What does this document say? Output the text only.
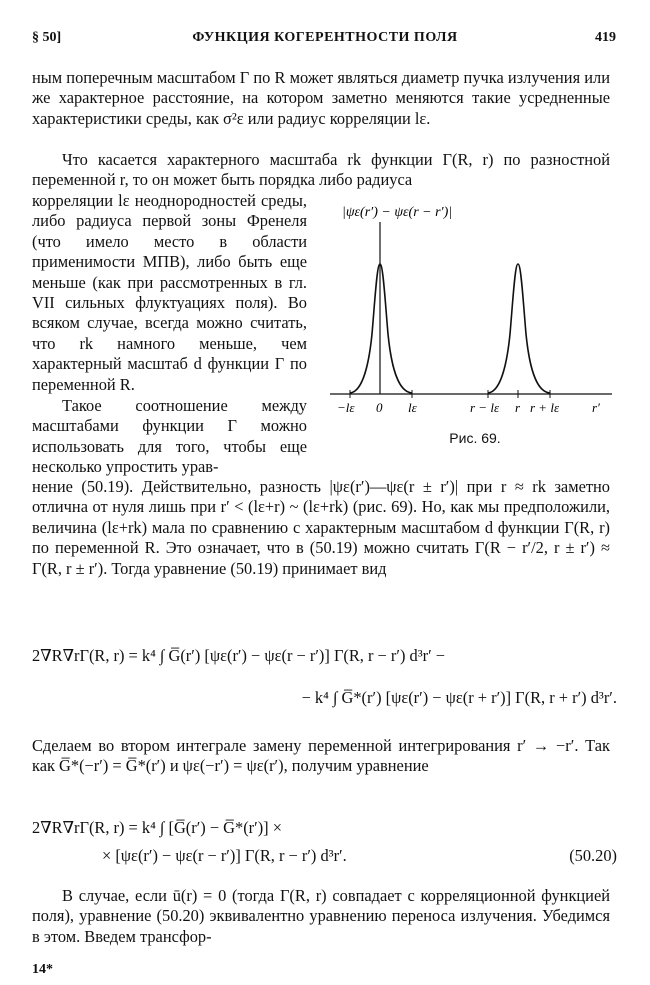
ФУНКЦИЯ КОГЕРЕНТНОСТИ ПОЛЯ
§ 50]	419

ным поперечным масштабом Γ по R может являться диаметр пучка излучения или же характерное расстояние, на котором заметно меняются такие усредненные характеристики среды, как σ²ε или радиус корреляции lε.

Что касается характерного масштаба rk функции Γ(R, r) по разностной переменной r, то он может быть порядка либо радиуса

корреляции lε неоднородностей среды, либо радиуса первой зоны Френеля (что имело место в области применимости МПВ), либо быть еще меньше (как при рассмотренных в гл. VII сильных флуктуациях поля). Во всяком случае, всегда можно считать, что rk намного меньше, чем характерный масштаб d функции Γ по переменной R.

Такое соотношение между масштабами функции Γ можно использовать для того, чтобы еще несколько упростить урав-

|ψε(r′) − ψε(r − r′)|
−lε 0 lε	r − lε r r + lε	r′
Рис. 69.

нение (50.19). Действительно, разность |ψε(r′)—ψε(r ± r′)| при r ≈ rk заметно отлична от нуля лишь при r′ < (lε+r) ~ (lε+rk) (рис. 69). Но, как мы предположили, величина (lε+rk) мала по сравнению с характерным масштабом d функции Γ(R, r) по переменной R. Это означает, что в (50.19) можно считать Γ(R − r′/2, r ± r′) ≈ Γ(R, r ± r′). Тогда уравнение (50.19) принимает вид

2∇R∇rΓ(R, r) = k⁴ ∫ G̅(r′) [ψε(r′) − ψε(r − r′)] Γ(R, r − r′) d³r′ −
− k⁴ ∫ G̅*(r′) [ψε(r′) − ψε(r + r′)] Γ(R, r + r′) d³r′.

Сделаем во втором интеграле замену переменной интегрирования r′ → −r′. Так как G̅*(−r′) = G̅*(r′) и ψε(−r′) = ψε(r′), получим уравнение

2∇R∇rΓ(R, r) = k⁴ ∫ [G̅(r′) − G̅*(r′)] ×
× [ψε(r′) − ψε(r − r′)] Γ(R, r − r′) d³r′.	(50.20)

В случае, если ū(r) = 0 (тогда Γ(R, r) совпадает с корреляционной функцией поля), уравнение (50.20) эквивалентно уравнению переноса излучения. Убедимся в этом. Введем трансфор-

14*
